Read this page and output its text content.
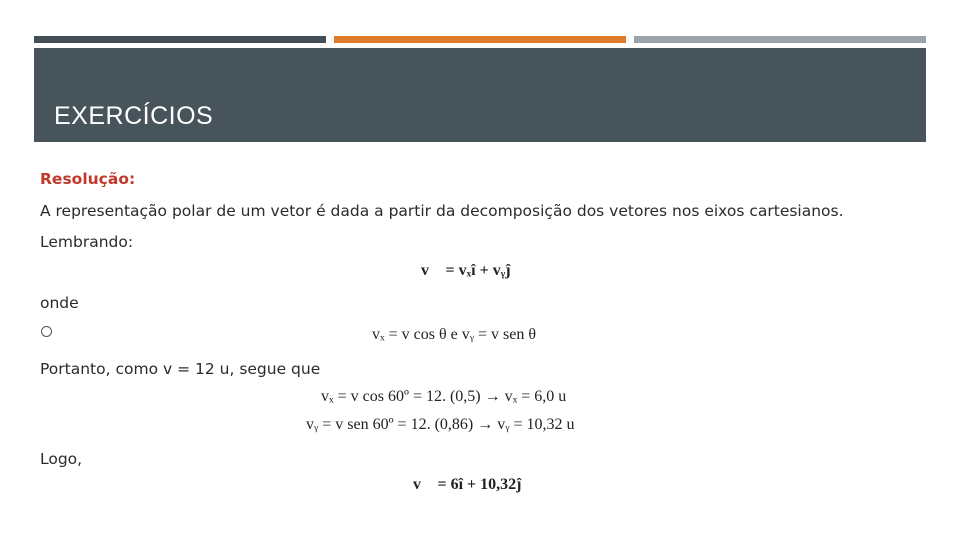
EXERCÍCIOS
Resolução:
A representação polar de um vetor é dada a partir da decomposição dos vetores nos eixos cartesianos.
Lembrando:
v⃗ = vₓî + vᵧĵ
onde
vₓ = v cos θ e vᵧ = v sen θ
Portanto, como v = 12 u, segue que
vₓ = v cos 60º = 12. (0,5) → vₓ = 6,0 u
vᵧ = v sen 60º = 12. (0,86) → vᵧ = 10,32 u
Logo,
v⃗ = 6î + 10,32ĵ
